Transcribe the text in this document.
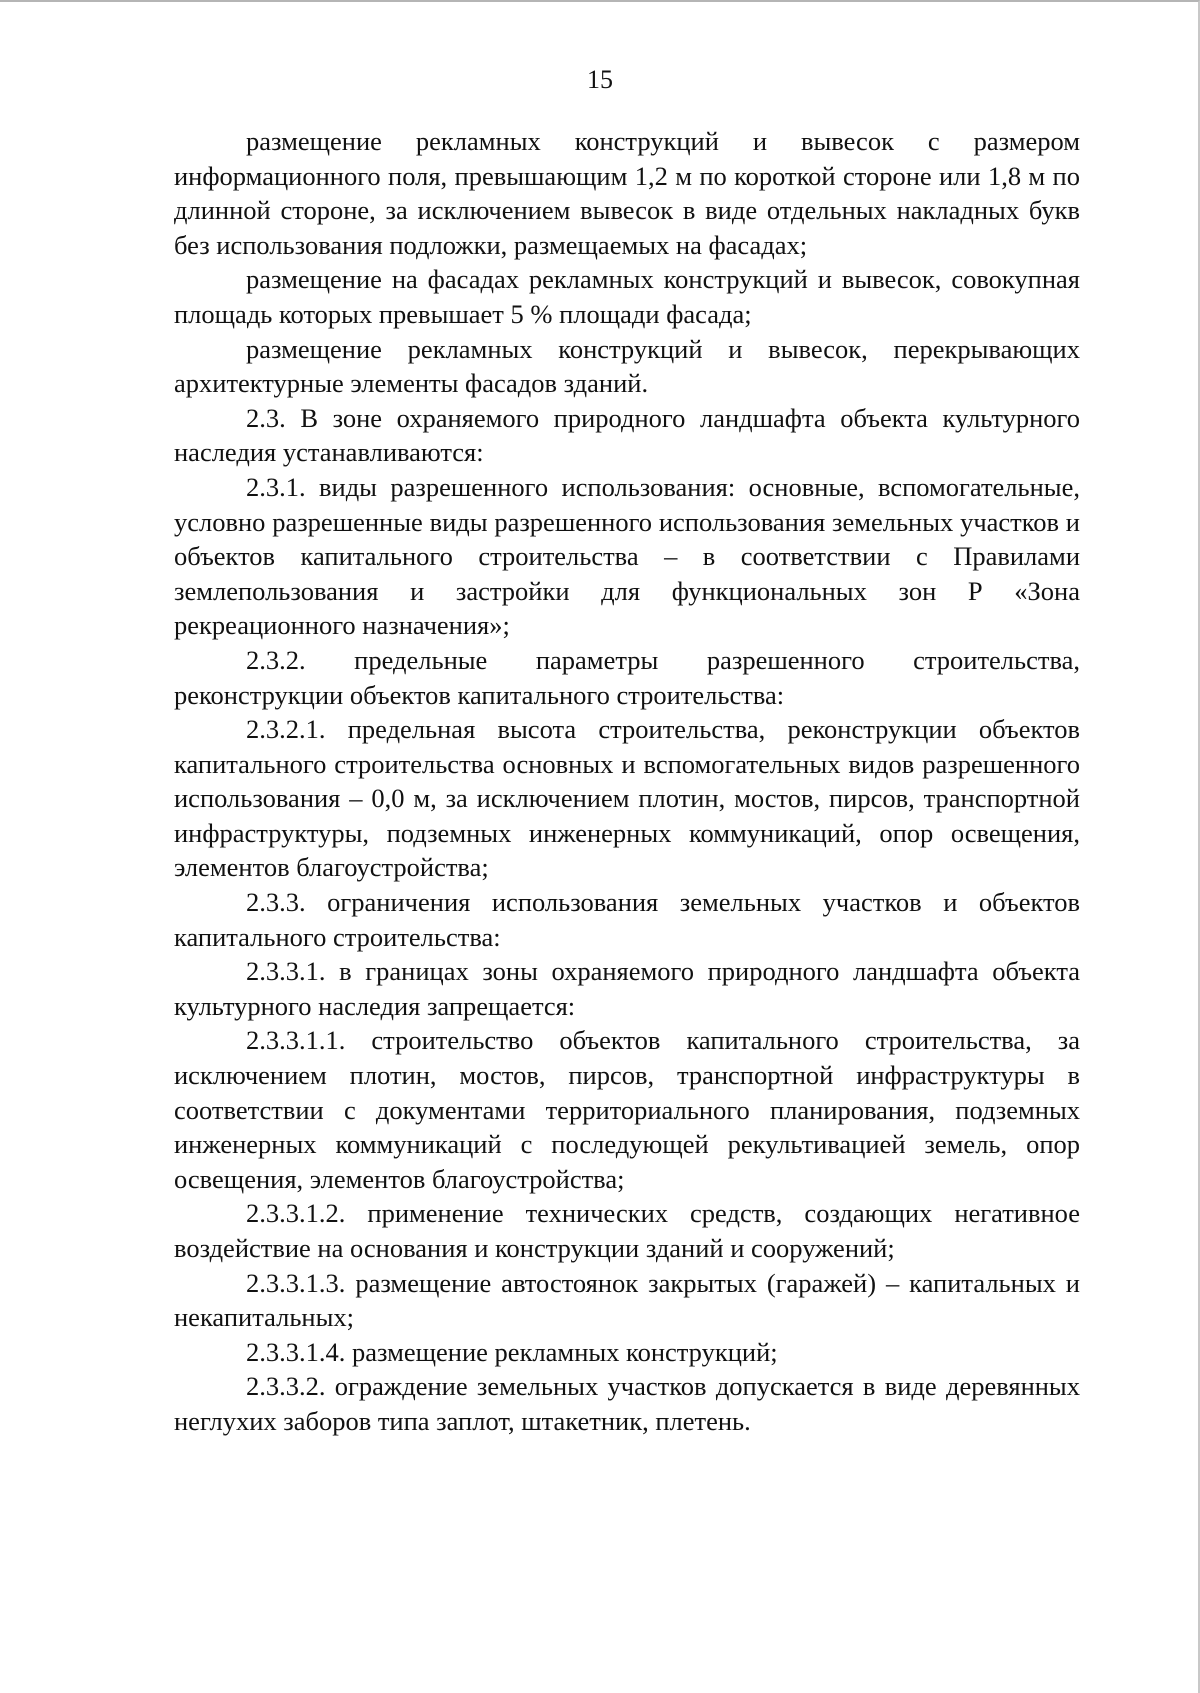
15

размещение рекламных конструкций и вывесок с размером информационного поля, превышающим 1,2 м по короткой стороне или 1,8 м по длинной стороне, за исключением вывесок в виде отдельных накладных букв без использования подложки, размещаемых на фасадах;

размещение на фасадах рекламных конструкций и вывесок, совокупная площадь которых превышает 5 % площади фасада;

размещение рекламных конструкций и вывесок, перекрывающих архитектурные элементы фасадов зданий.

2.3. В зоне охраняемого природного ландшафта объекта культурного наследия устанавливаются:

2.3.1. виды разрешенного использования: основные, вспомогательные, условно разрешенные виды разрешенного использования земельных участков и объектов капитального строительства – в соответствии с Правилами землепользования и застройки для функциональных зон Р «Зона рекреационного назначения»;

2.3.2. предельные параметры разрешенного строительства, реконструкции объектов капитального строительства:

2.3.2.1. предельная высота строительства, реконструкции объектов капитального строительства основных и вспомогательных видов разрешенного использования – 0,0 м, за исключением плотин, мостов, пирсов, транспортной инфраструктуры, подземных инженерных коммуникаций, опор освещения, элементов благоустройства;

2.3.3. ограничения использования земельных участков и объектов капитального строительства:

2.3.3.1. в границах зоны охраняемого природного ландшафта объекта культурного наследия запрещается:

2.3.3.1.1. строительство объектов капитального строительства, за исключением плотин, мостов, пирсов, транспортной инфраструктуры в соответствии с документами территориального планирования, подземных инженерных коммуникаций с последующей рекультивацией земель, опор освещения, элементов благоустройства;

2.3.3.1.2. применение технических средств, создающих негативное воздействие на основания и конструкции зданий и сооружений;

2.3.3.1.3. размещение автостоянок закрытых (гаражей) – капитальных и некапитальных;

2.3.3.1.4. размещение рекламных конструкций;

2.3.3.2. ограждение земельных участков допускается в виде деревянных неглухих заборов типа заплот, штакетник, плетень.
